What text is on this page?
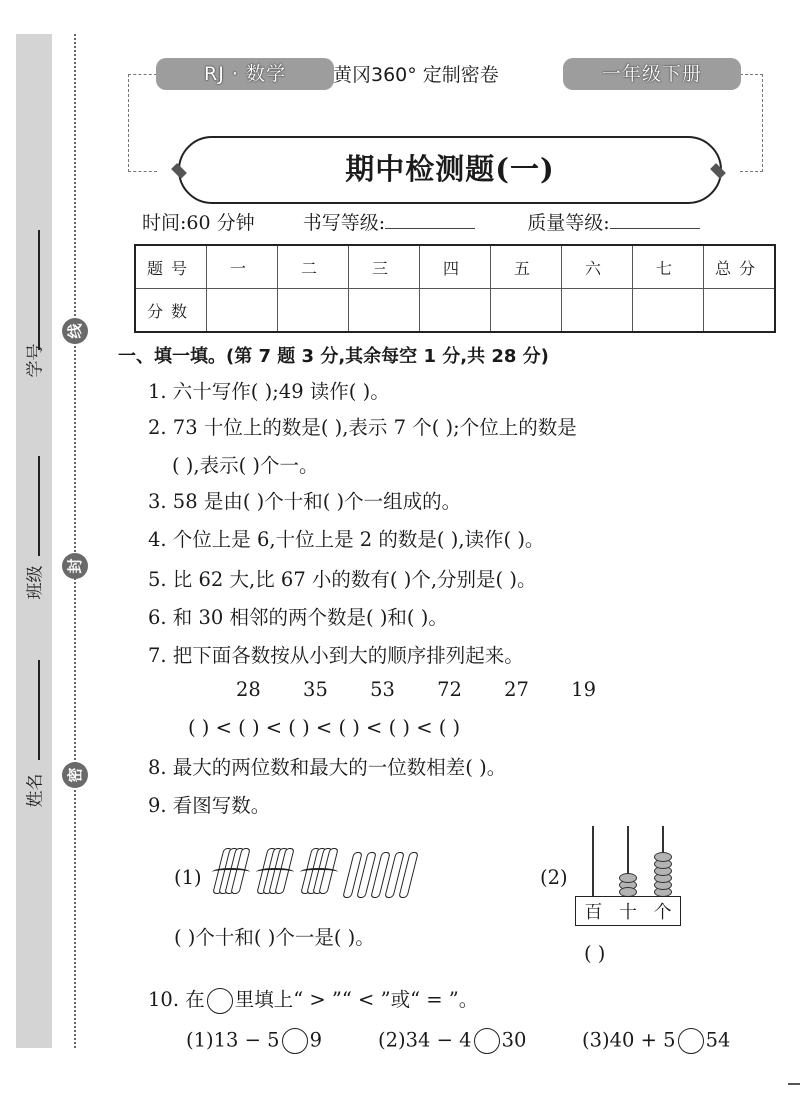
学号
班级
姓名
线
封
密
RJ · 数学	黄冈360° 定制密卷	一年级下册
期中检测题(一)
时间:60 分钟	书写等级:	质量等级:
题号	一	二	三	四	五	六	七	总分
分数								
一、填一填。(第 7 题 3 分,其余每空 1 分,共 28 分)
1. 六十写作( );49 读作( )。
2. 73 十位上的数是( ),表示 7 个( );个位上的数是
( ),表示( )个一。
3. 58 是由( )个十和( )个一组成的。
4. 个位上是 6,十位上是 2 的数是( ),读作( )。
5. 比 62 大,比 67 小的数有( )个,分别是( )。
6. 和 30 相邻的两个数是( )和( )。
7. 把下面各数按从小到大的顺序排列起来。
28 35 53 72 27 19
( ) < ( ) < ( ) < ( ) < ( ) < ( )
8. 最大的两位数和最大的一位数相差( )。
9. 看图写数。
(1)
( )个十和( )个一是( )。
(2)
百 十 个
( )
10. 在 里填上“ > ”“ < ”或“ = ”。
(1)13 − 5 9	(2)34 − 4 30	(3)40 + 5 54
